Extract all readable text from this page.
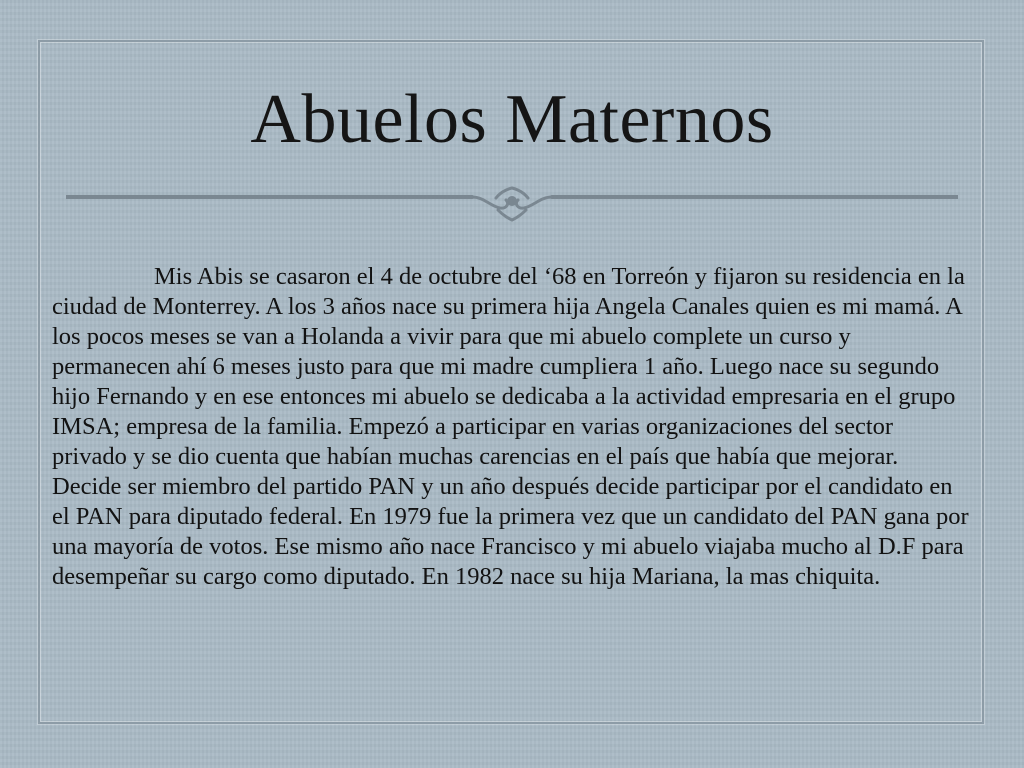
Abuelos Maternos

Mis Abis se casaron el 4 de octubre del ‘68 en Torreón y fijaron su residencia en la ciudad de Monterrey. A los 3 años nace su primera hija Angela Canales quien es mi mamá. A los pocos meses se van a Holanda a vivir para que mi abuelo complete un curso y permanecen ahí 6 meses justo para que mi madre cumpliera 1 año. Luego nace su segundo hijo Fernando y en ese entonces mi abuelo se dedicaba a la actividad empresaria en el grupo IMSA; empresa de la familia. Empezó a participar en varias organizaciones del sector privado y se dio cuenta que habían muchas carencias en el país que había que mejorar. Decide ser miembro del partido PAN y un año después decide participar por el candidato en el PAN para diputado federal. En 1979 fue la primera vez que un candidato del PAN gana por una mayoría de votos. Ese mismo año nace Francisco y mi abuelo viajaba mucho al D.F para desempeñar su cargo como diputado. En 1982 nace su hija Mariana, la mas chiquita.
